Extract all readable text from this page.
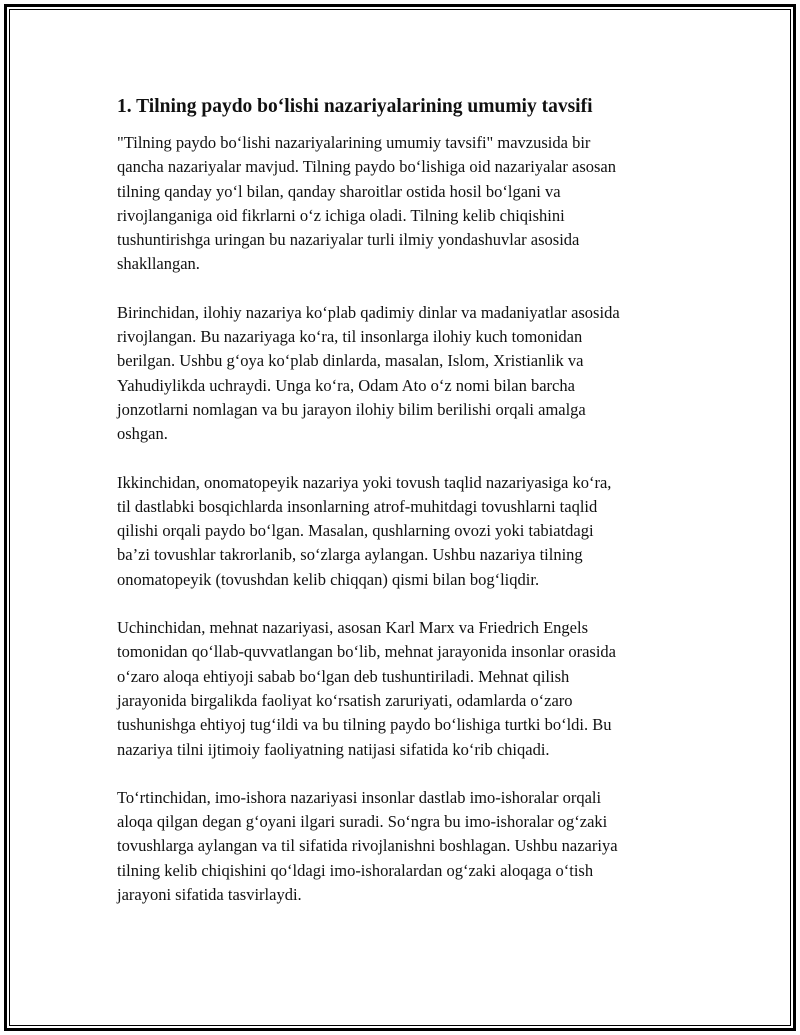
1. Tilning paydo bo‘lishi nazariyalarining umumiy tavsifi

"Tilning paydo bo‘lishi nazariyalarining umumiy tavsifi" mavzusida bir
qancha nazariyalar mavjud. Tilning paydo bo‘lishiga oid nazariyalar asosan
tilning qanday yo‘l bilan, qanday sharoitlar ostida hosil bo‘lgani va
rivojlanganiga oid fikrlarni o‘z ichiga oladi. Tilning kelib chiqishini
tushuntirishga uringan bu nazariyalar turli ilmiy yondashuvlar asosida
shakllangan.

Birinchidan, ilohiy nazariya ko‘plab qadimiy dinlar va madaniyatlar asosida
rivojlangan. Bu nazariyaga ko‘ra, til insonlarga ilohiy kuch tomonidan
berilgan. Ushbu g‘oya ko‘plab dinlarda, masalan, Islom, Xristianlik va
Yahudiylikda uchraydi. Unga ko‘ra, Odam Ato o‘z nomi bilan barcha
jonzotlarni nomlagan va bu jarayon ilohiy bilim berilishi orqali amalga
oshgan.

Ikkinchidan, onomatopeyik nazariya yoki tovush taqlid nazariyasiga ko‘ra,
til dastlabki bosqichlarda insonlarning atrof-muhitdagi tovushlarni taqlid
qilishi orqali paydo bo‘lgan. Masalan, qushlarning ovozi yoki tabiatdagi
ba’zi tovushlar takrorlanib, so‘zlarga aylangan. Ushbu nazariya tilning
onomatopeyik (tovushdan kelib chiqqan) qismi bilan bog‘liqdir.

Uchinchidan, mehnat nazariyasi, asosan Karl Marx va Friedrich Engels
tomonidan qo‘llab-quvvatlangan bo‘lib, mehnat jarayonida insonlar orasida
o‘zaro aloqa ehtiyoji sabab bo‘lgan deb tushuntiriladi. Mehnat qilish
jarayonida birgalikda faoliyat ko‘rsatish zaruriyati, odamlarda o‘zaro
tushunishga ehtiyoj tug‘ildi va bu tilning paydo bo‘lishiga turtki bo‘ldi. Bu
nazariya tilni ijtimoiy faoliyatning natijasi sifatida ko‘rib chiqadi.

To‘rtinchidan, imo-ishora nazariyasi insonlar dastlab imo-ishoralar orqali
aloqa qilgan degan g‘oyani ilgari suradi. So‘ngra bu imo-ishoralar og‘zaki
tovushlarga aylangan va til sifatida rivojlanishni boshlagan. Ushbu nazariya
tilning kelib chiqishini qo‘ldagi imo-ishoralardan og‘zaki aloqaga o‘tish
jarayoni sifatida tasvirlaydi.
